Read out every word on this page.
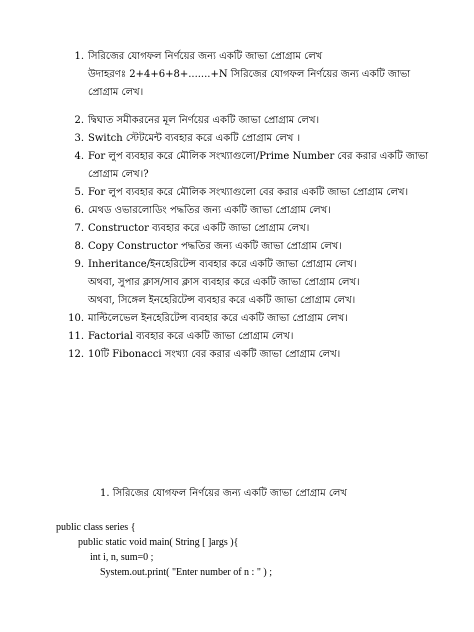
1. সিরিজের যোগফল নির্ণয়ের জন্য একটি জাভা প্রোগ্রাম লেখ
উদাহরণঃ 2+4+6+8+.......+N সিরিজের যোগফল নির্ণয়ের জন্য একটি জাভা
প্রোগ্রাম লেখ।
2. দ্বিঘাত সমীকরনের মূল নির্ণয়ের একটি জাভা প্রোগ্রাম লেখ।
3. Switch স্টেটমেন্ট ব্যবহার করে একটি প্রোগ্রাম লেখ ।
4. For লুপ ব্যবহার করে মৌলিক সংখ্যাগুলো/Prime Number বের করার একটি জাভা
প্রোগ্রাম লেখ।?
5. For লুপ ব্যবহার করে মৌলিক সংখ্যাগুলো বের করার একটি জাভা প্রোগ্রাম লেখ।
6. মেথড ওভারলোডিং পদ্ধতির জন্য একটি জাভা প্রোগ্রাম লেখ।
7. Constructor ব্যবহার করে একটি জাভা প্রোগ্রাম লেখ।
8. Copy Constructor পদ্ধতির জন্য একটি জাভা প্রোগ্রাম লেখ।
9. Inheritance/ইনহেরিটেন্স ব্যবহার করে একটি জাভা প্রোগ্রাম লেখ।
অথবা, সুপার ক্লাস/সাব ক্লাস ব্যবহার করে একটি জাভা প্রোগ্রাম লেখ।
অথবা, সিঙ্গেল ইনহেরিটেন্স ব্যবহার করে একটি জাভা প্রোগ্রাম লেখ।
10. মাল্টিলেভেল ইনহেরিটেন্স ব্যবহার করে একটি জাভা প্রোগ্রাম লেখ।
11. Factorial ব্যবহার করে একটি জাভা প্রোগ্রাম লেখ।
12. 10টি Fibonacci সংখ্যা বের করার একটি জাভা প্রোগ্রাম লেখ।
1. সিরিজের যোগফল নির্ণয়ের জন্য একটি জাভা প্রোগ্রাম লেখ
public class series {
public static void main( String [ ]args ){
int i, n, sum=0 ;
System.out.print( "Enter number of n : " ) ;
